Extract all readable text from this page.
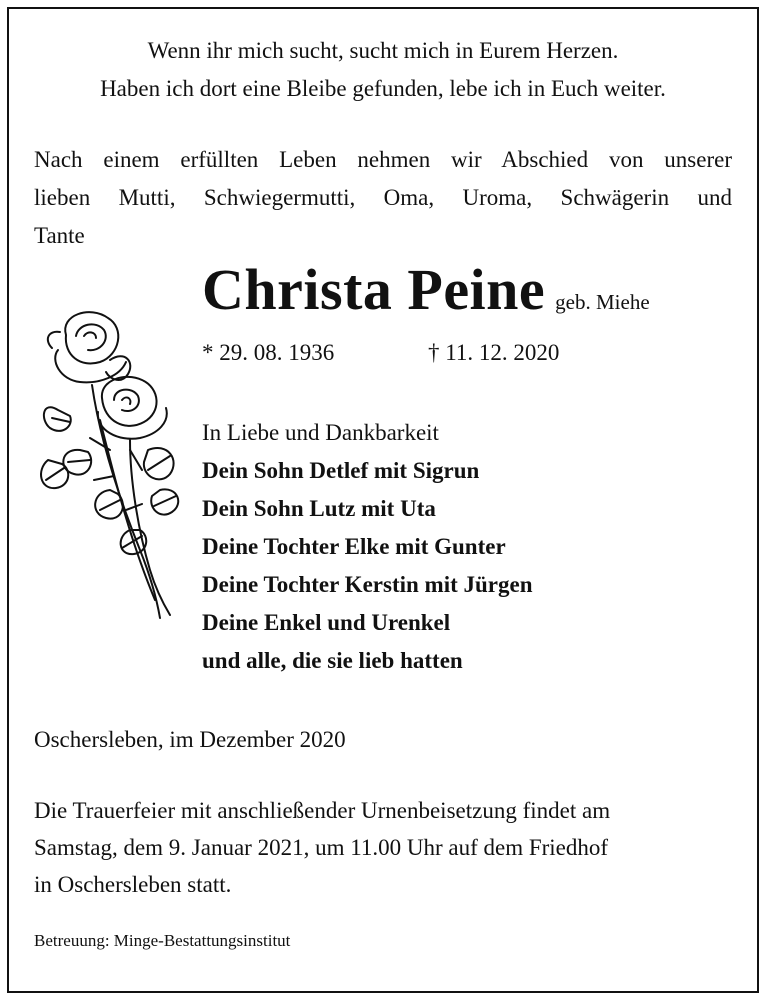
Wenn ihr mich sucht, sucht mich in Eurem Herzen.
Haben ich dort eine Bleibe gefunden, lebe ich in Euch weiter.
Nach einem erfüllten Leben nehmen wir Abschied von unserer
lieben Mutti, Schwiegermutti, Oma, Uroma, Schwägerin und
Tante
Christa Peine geb. Miehe
* 29. 08. 1936	† 11. 12. 2020
In Liebe und Dankbarkeit
Dein Sohn Detlef mit Sigrun
Dein Sohn Lutz mit Uta
Deine Tochter Elke mit Gunter
Deine Tochter Kerstin mit Jürgen
Deine Enkel und Urenkel
und alle, die sie lieb hatten
Oschersleben, im Dezember 2020
Die Trauerfeier mit anschließender Urnenbeisetzung findet am
Samstag, dem 9. Januar 2021, um 11.00 Uhr auf dem Friedhof
in Oschersleben statt.
Betreuung: Minge-Bestattungsinstitut
